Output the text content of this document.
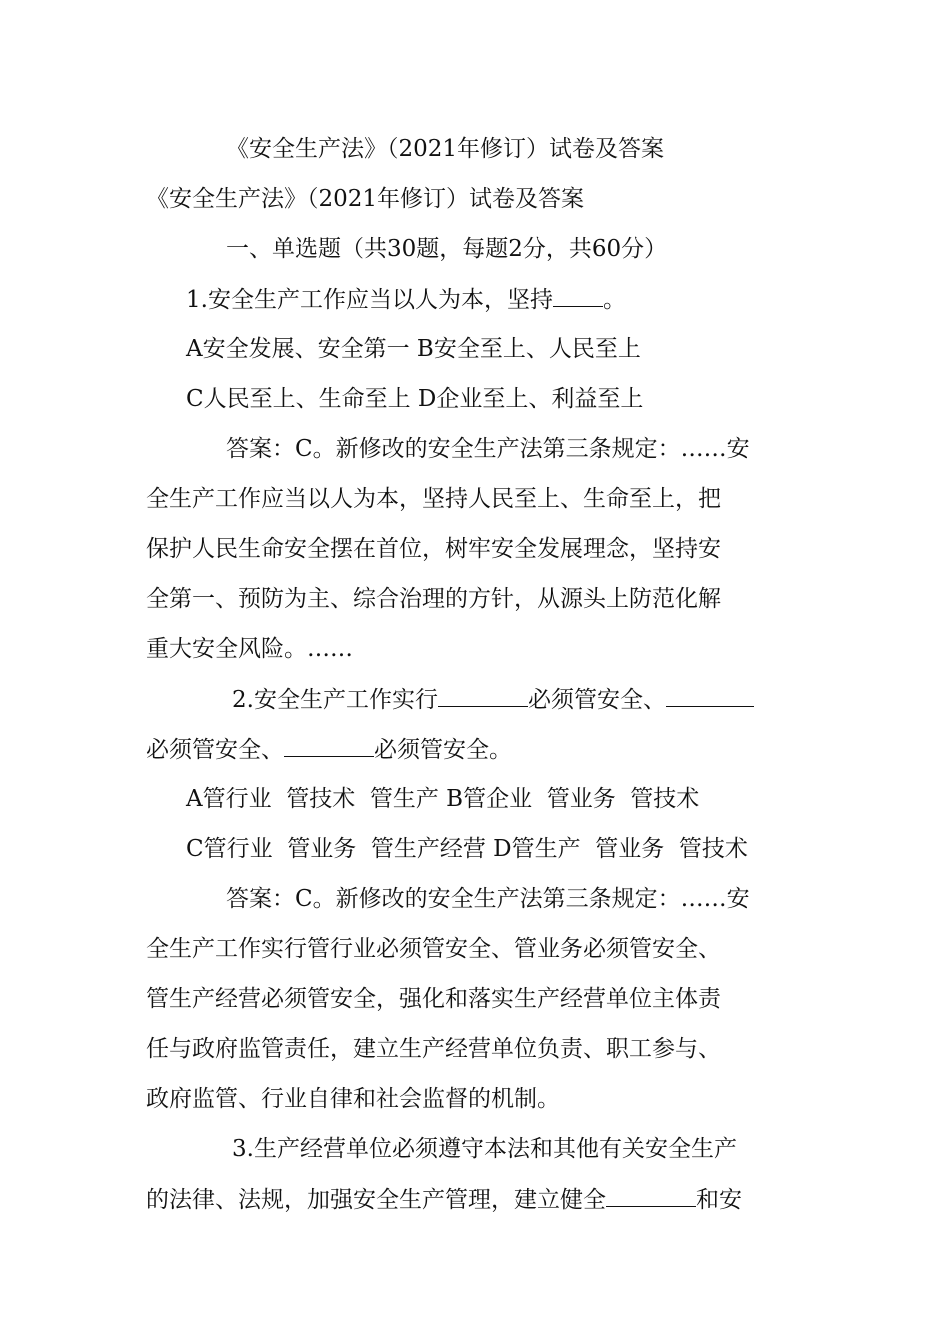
《安全生产法》（2021年修订）试卷及答案
《安全生产法》（2021年修订）试卷及答案
一、单选题（共30题，每题2分，共60分）
1.安全生产工作应当以人为本，坚持 。
A安全发展、安全第一 B安全至上、人民至上
C人民至上、生命至上 D企业至上、利益至上
答案：C。新修改的安全生产法第三条规定：……安
全生产工作应当以人为本，坚持人民至上、生命至上，把
保护人民生命安全摆在首位，树牢安全发展理念，坚持安
全第一、预防为主、综合治理的方针，从源头上防范化解
重大安全风险。……
2.安全生产工作实行	必须管安全、
必须管安全、	必须管安全。
A管行业  管技术  管生产 B管企业  管业务  管技术
C管行业  管业务  管生产经营 D管生产  管业务  管技术
答案：C。新修改的安全生产法第三条规定：……安
全生产工作实行管行业必须管安全、管业务必须管安全、
管生产经营必须管安全，强化和落实生产经营单位主体责
任与政府监管责任，建立生产经营单位负责、职工参与、
政府监管、行业自律和社会监督的机制。
3.生产经营单位必须遵守本法和其他有关安全生产
的法律、法规，加强安全生产管理，建立健全	和安
